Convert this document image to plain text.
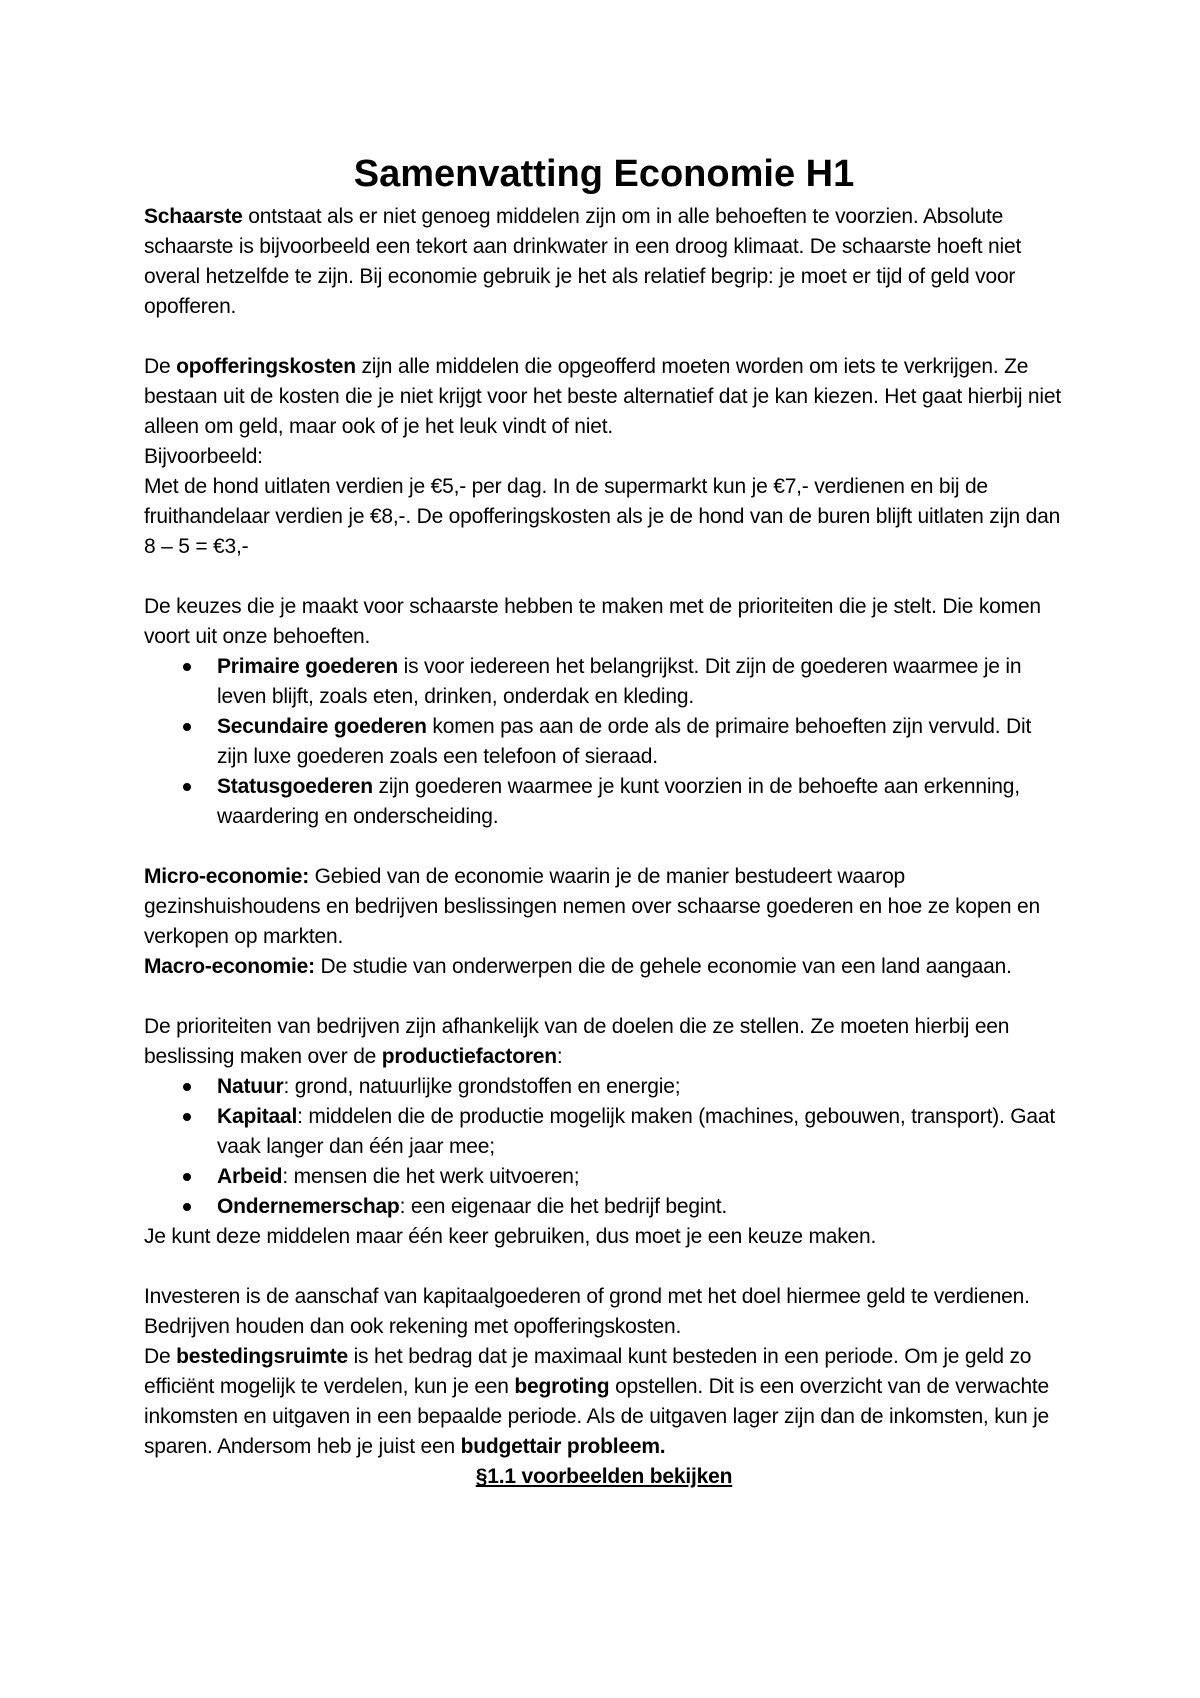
Samenvatting Economie H1

Schaarste ontstaat als er niet genoeg middelen zijn om in alle behoeften te voorzien. Absolute schaarste is bijvoorbeeld een tekort aan drinkwater in een droog klimaat. De schaarste hoeft niet overal hetzelfde te zijn. Bij economie gebruik je het als relatief begrip: je moet er tijd of geld voor opofferen.

De opofferingskosten zijn alle middelen die opgeofferd moeten worden om iets te verkrijgen. Ze bestaan uit de kosten die je niet krijgt voor het beste alternatief dat je kan kiezen. Het gaat hierbij niet alleen om geld, maar ook of je het leuk vindt of niet.

Bijvoorbeeld:

Met de hond uitlaten verdien je €5,- per dag. In de supermarkt kun je €7,- verdienen en bij de fruithandelaar verdien je €8,-. De opofferingskosten als je de hond van de buren blijft uitlaten zijn dan 8 – 5 = €3,-

De keuzes die je maakt voor schaarste hebben te maken met de prioriteiten die je stelt. Die komen voort uit onze behoeften.

Primaire goederen is voor iedereen het belangrijkst. Dit zijn de goederen waarmee je in leven blijft, zoals eten, drinken, onderdak en kleding.
Secundaire goederen komen pas aan de orde als de primaire behoeften zijn vervuld. Dit zijn luxe goederen zoals een telefoon of sieraad.
Statusgoederen zijn goederen waarmee je kunt voorzien in de behoefte aan erkenning, waardering en onderscheiding.

Micro-economie: Gebied van de economie waarin je de manier bestudeert waarop gezinshuishoudens en bedrijven beslissingen nemen over schaarse goederen en hoe ze kopen en verkopen op markten.

Macro-economie: De studie van onderwerpen die de gehele economie van een land aangaan.

De prioriteiten van bedrijven zijn afhankelijk van de doelen die ze stellen. Ze moeten hierbij een beslissing maken over de productiefactoren:

Natuur: grond, natuurlijke grondstoffen en energie;
Kapitaal: middelen die de productie mogelijk maken (machines, gebouwen, transport). Gaat vaak langer dan één jaar mee;
Arbeid: mensen die het werk uitvoeren;
Ondernemerschap: een eigenaar die het bedrijf begint.

Je kunt deze middelen maar één keer gebruiken, dus moet je een keuze maken.

Investeren is de aanschaf van kapitaalgoederen of grond met het doel hiermee geld te verdienen. Bedrijven houden dan ook rekening met opofferingskosten.

De bestedingsruimte is het bedrag dat je maximaal kunt besteden in een periode. Om je geld zo efficiënt mogelijk te verdelen, kun je een begroting opstellen. Dit is een overzicht van de verwachte inkomsten en uitgaven in een bepaalde periode. Als de uitgaven lager zijn dan de inkomsten, kun je sparen. Andersom heb je juist een budgettair probleem.

§1.1 voorbeelden bekijken
